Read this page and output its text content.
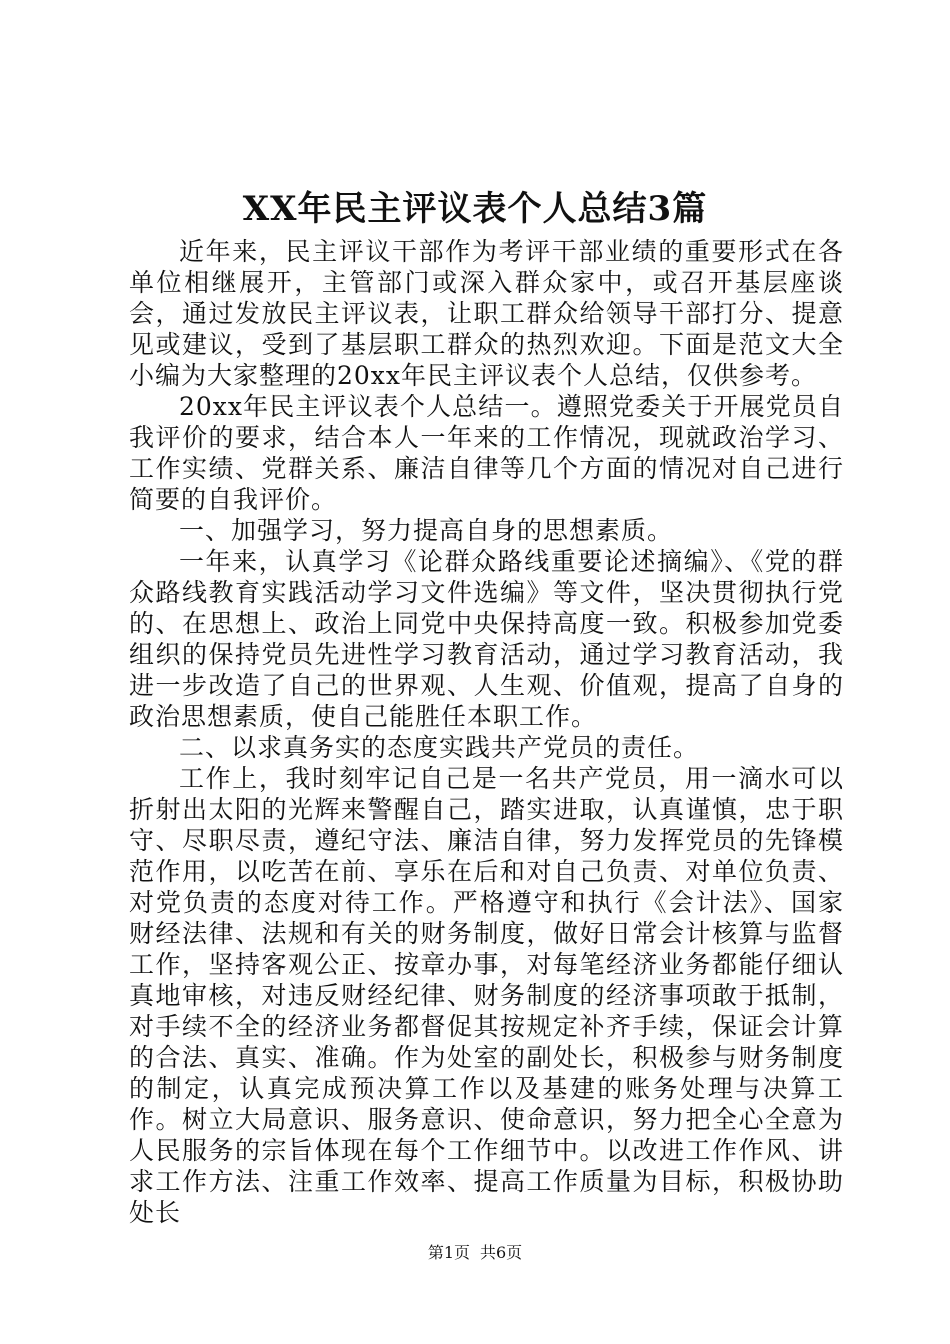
XX年民主评议表个人总结3篇

近年来，民主评议干部作为考评干部业绩的重要形式在各单位相继展开，主管部门或深入群众家中，或召开基层座谈会，通过发放民主评议表，让职工群众给领导干部打分、提意见或建议，受到了基层职工群众的热烈欢迎。下面是范文大全小编为大家整理的20xx年民主评议表个人总结，仅供参考。

20xx年民主评议表个人总结一。遵照党委关于开展党员自我评价的要求，结合本人一年来的工作情况，现就政治学习、工作实绩、党群关系、廉洁自律等几个方面的情况对自己进行简要的自我评价。

一、加强学习，努力提高自身的思想素质。

一年来，认真学习《论群众路线重要论述摘编》、《党的群众路线教育实践活动学习文件选编》等文件，坚决贯彻执行党的、在思想上、政治上同党中央保持高度一致。积极参加党委组织的保持党员先进性学习教育活动，通过学习教育活动，我进一步改造了自己的世界观、人生观、价值观，提高了自身的政治思想素质，使自己能胜任本职工作。

二、以求真务实的态度实践共产党员的责任。

工作上，我时刻牢记自己是一名共产党员，用一滴水可以折射出太阳的光辉来警醒自己，踏实进取，认真谨慎，忠于职守、尽职尽责，遵纪守法、廉洁自律，努力发挥党员的先锋模范作用，以吃苦在前、享乐在后和对自己负责、对单位负责、对党负责的态度对待工作。严格遵守和执行《会计法》、国家财经法律、法规和有关的财务制度，做好日常会计核算与监督工作，坚持客观公正、按章办事，对每笔经济业务都能仔细认真地审核，对违反财经纪律、财务制度的经济事项敢于抵制，对手续不全的经济业务都督促其按规定补齐手续，保证会计算的合法、真实、准确。作为处室的副处长，积极参与财务制度的制定，认真完成预决算工作以及基建的账务处理与决算工作。树立大局意识、服务意识、使命意识，努力把全心全意为人民服务的宗旨体现在每个工作细节中。以改进工作作风、讲求工作方法、注重工作效率、提高工作质量为目标，积极协助处长

第1页 共6页
